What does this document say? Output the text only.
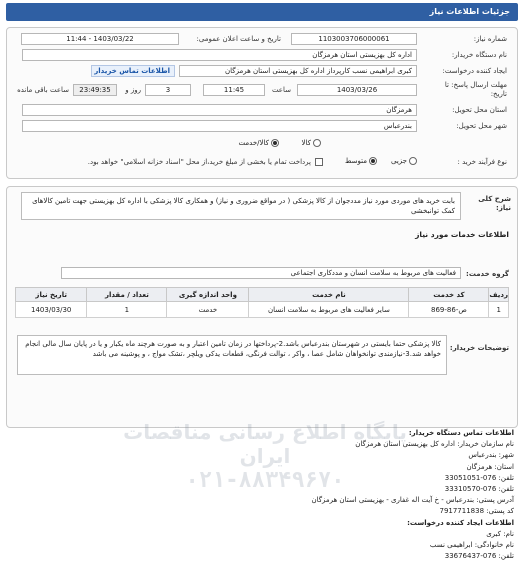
جزئیات اطلاعات نیاز
شماره نیاز:
1103003706000061
تاریخ و ساعت اعلان عمومی:
1403/03/22 - 11:44
نام دستگاه خریدار:
اداره کل بهزیستی استان هرمزگان
ایجاد کننده درخواست:
کبری ابراهیمی نسب کارپرداز اداره کل بهزیستی استان هرمزگان
اطلاعات تماس خریدار
مهلت ارسال پاسخ: تا
تاریخ:
1403/03/26
ساعت
11:45
3
روز و
23:49:35
ساعت باقی مانده
استان محل تحویل:
هرمزگان
شهر محل تحویل:
بندرعباس
نوع فرآیند خرید :
جزیی
متوسط
پرداخت تمام یا بخشی از مبلغ خرید،از محل "اسناد خزانه اسلامی" خواهد بود.
کالا
کالا/خدمت
شرح کلی نیاز:
بابت خرید های موردی مورد نیاز مددجوان از کالا پزشکی ( در مواقع ضروری و نیاز) و همکاری کالا پزشکی با اداره کل بهزیستی جهت تامین کالاهای کمک توانبخشی
اطلاعات خدمات مورد نیاز
گروه خدمت:
فعالیت های مربوط به سلامت انسان و مددکاری اجتماعی
ردیف	کد خدمت	نام خدمت	واحد اندازه گیری	تعداد / مقدار	تاریخ نیاز
1	ص-86-869	سایر فعالیت های مربوط به سلامت انسان	خدمت	1	1403/03/30
توضیحات خریدار:
کالا پزشکی حتما بایستی در شهرستان بندرعباس باشد.2-پرداختها در زمان تامین اعتبار و به صورت هرچند ماه یکبار و یا در پایان سال مالی انجام خواهد شد.3-نیازمندی توانخواهان شامل عصا ، واکر ، توالت فرنگی، قطعات یدکی ویلچر ،تشک مواج ، و پوشینه می باشد
پایگاه اطلاع رسانی مناقصات ایران
۰۲۱-۸۸۳۴۹۶۷۰
اطلاعات تماس دستگاه خریدار:
نام سازمان خریدار: اداره کل بهزیستی استان هرمزگان
شهر: بندرعباس
استان: هرمزگان
تلفن: 076-33051051
تلفن: 076-33310570
آدرس پستی: بندرعباس - خ آیت اله غفاری - بهزیستی استان هرمزگان
کد پستی: 7917711838
اطلاعات ایجاد کننده درخواست:
نام: کبری
نام خانوادگی: ابراهیمی نسب
تلفن: 076-33676437
